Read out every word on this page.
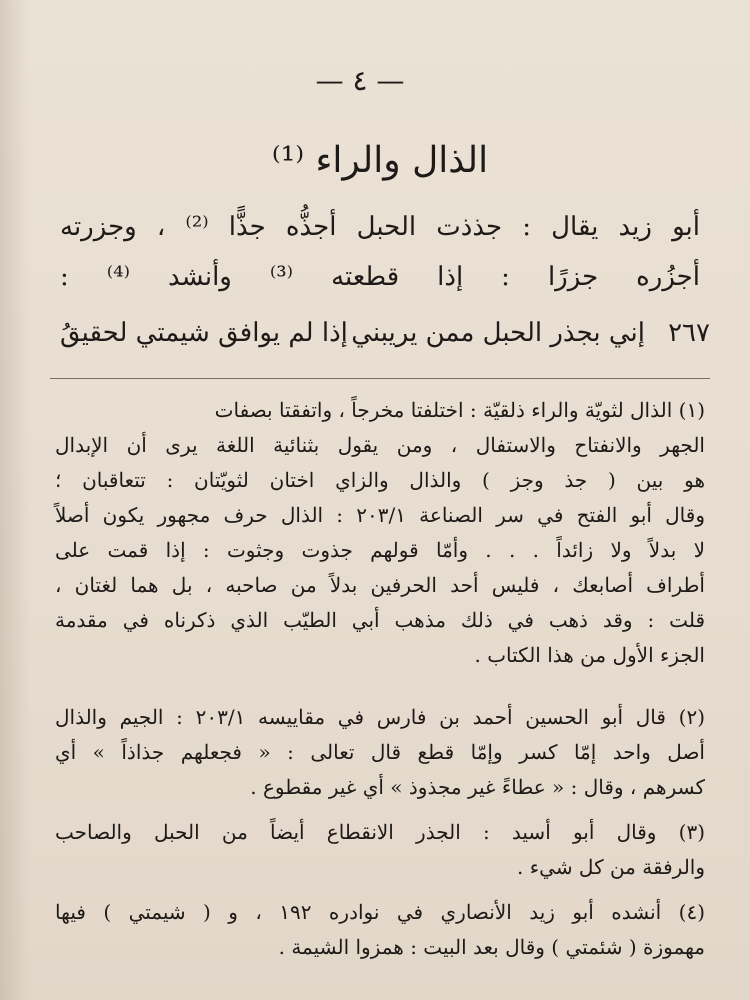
— ٤ —
الذال والراء ⁽¹⁾
أبو زيد يقال : جذذت الحبل أجذُّه جذًّا ⁽²⁾ ، وجزرته
أجزُره جزرًا : إذا قطعته ⁽³⁾ وأنشد ⁽⁴⁾ :
٢٦٧
إني بجذر الحبل ممن يريبني
إذا لم يوافق شيمتي لحقيقُ
(١) الذال لثويّة والراء ذلقيّة : اختلفتا مخرجاً ، واتفقتا بصفات
الجهر والانفتاح والاستفال ، ومن يقول بثنائية اللغة يرى أن الإبدال
هو بين ( جذ وجز ) والذال والزاي اختان لثويّتان : تتعاقبان ؛
وقال أبو الفتح في سر الصناعة ٢٠٣/١ : الذال حرف مجهور يكون أصلاً
لا بدلاً ولا زائداً . . . وأمّا قولهم جذوت وجثوت : إذا قمت على
أطراف أصابعك ، فليس أحد الحرفين بدلاً من صاحبه ، بل هما لغتان ،
قلت : وقد ذهب في ذلك مذهب أبي الطيّب الذي ذكرناه في مقدمة
الجزء الأول من هذا الكتاب .
(٢) قال أبو الحسين أحمد بن فارس في مقاييسه ٢٠٣/١ : الجيم والذال
أصل واحد إمّا كسر وإمّا قطع قال تعالى : « فجعلهم جذاذاً » أي
كسرهم ، وقال : « عطاءً غير مجذوذ » أي غير مقطوع .
(٣) وقال أبو أسيد : الجذر الانقطاع أيضاً من الحبل والصاحب
والرفقة من كل شيء .
(٤) أنشده أبو زيد الأنصاري في نوادره ١٩٢ ، و ( شيمتي ) فيها
مهموزة ( شئمتي ) وقال بعد البيت : همزوا الشيمة .
